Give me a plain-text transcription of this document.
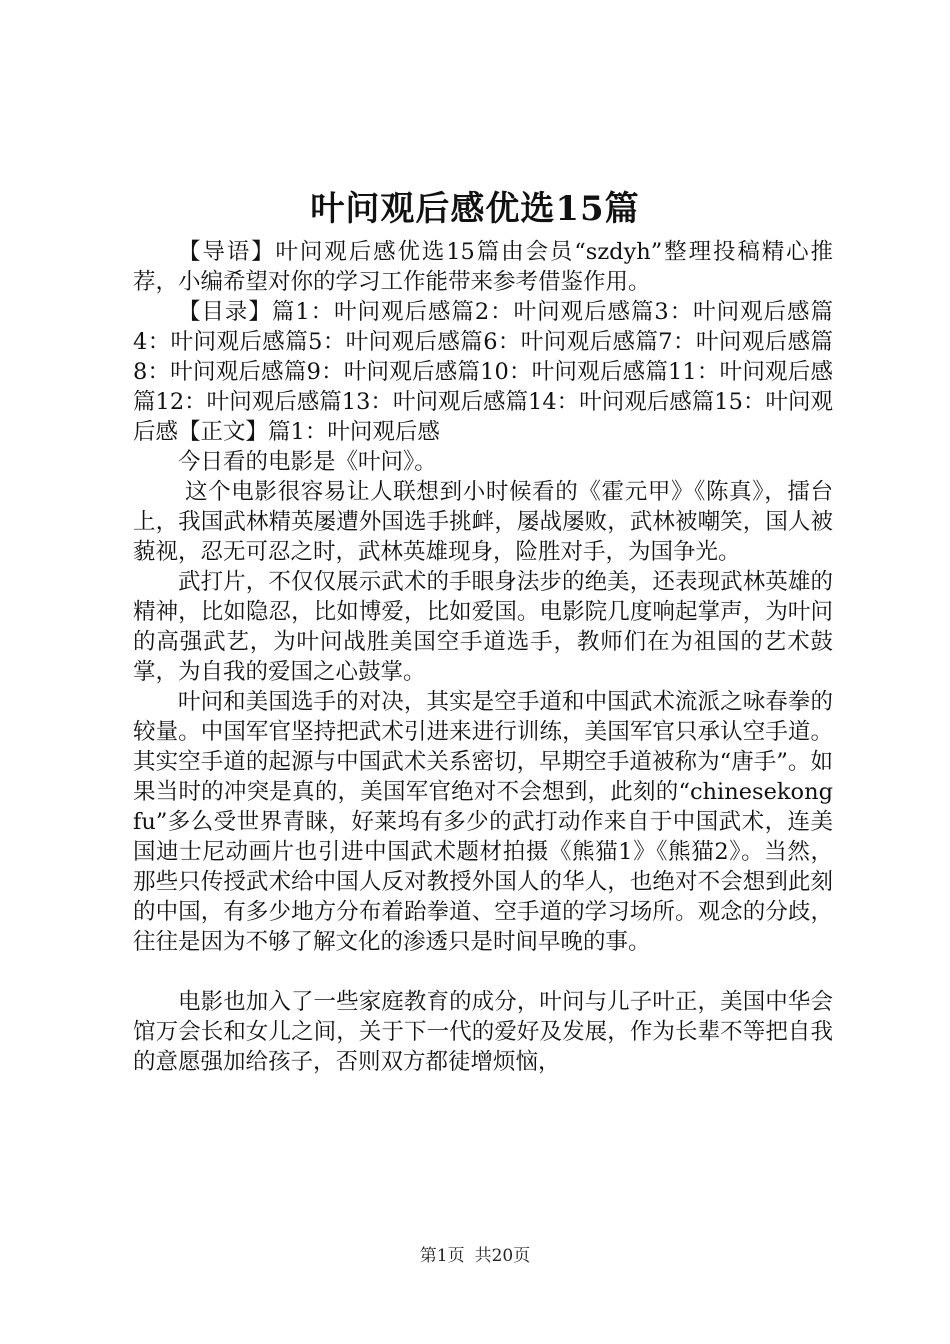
叶问观后感优选15篇

【导语】叶问观后感优选15篇由会员“szdyh”整理投稿精心推荐，小编希望对你的学习工作能带来参考借鉴作用。

【目录】篇1：叶问观后感篇2：叶问观后感篇3：叶问观后感篇4：叶问观后感篇5：叶问观后感篇6：叶问观后感篇7：叶问观后感篇8：叶问观后感篇9：叶问观后感篇10：叶问观后感篇11：叶问观后感篇12：叶问观后感篇13：叶问观后感篇14：叶问观后感篇15：叶问观后感【正文】篇1：叶问观后感

今日看的电影是《叶问》。

这个电影很容易让人联想到小时候看的《霍元甲》《陈真》，擂台上，我国武林精英屡遭外国选手挑衅，屡战屡败，武林被嘲笑，国人被藐视，忍无可忍之时，武林英雄现身，险胜对手，为国争光。

武打片，不仅仅展示武术的手眼身法步的绝美，还表现武林英雄的精神，比如隐忍，比如博爱，比如爱国。电影院几度响起掌声，为叶问的高强武艺，为叶问战胜美国空手道选手，教师们在为祖国的艺术鼓掌，为自我的爱国之心鼓掌。

叶问和美国选手的对决，其实是空手道和中国武术流派之咏春拳的较量。中国军官坚持把武术引进来进行训练，美国军官只承认空手道。其实空手道的起源与中国武术关系密切，早期空手道被称为“唐手”。如果当时的冲突是真的，美国军官绝对不会想到，此刻的“chinesekongfu”多么受世界青睐，好莱坞有多少的武打动作来自于中国武术，连美国迪士尼动画片也引进中国武术题材拍摄《熊猫1》《熊猫2》。当然，那些只传授武术给中国人反对教授外国人的华人，也绝对不会想到此刻的中国，有多少地方分布着跆拳道、空手道的学习场所。观念的分歧，往往是因为不够了解文化的渗透只是时间早晚的事。

电影也加入了一些家庭教育的成分，叶问与儿子叶正，美国中华会馆万会长和女儿之间，关于下一代的爱好及发展，作为长辈不等把自我的意愿强加给孩子，否则双方都徒增烦恼，

第1页 共20页
